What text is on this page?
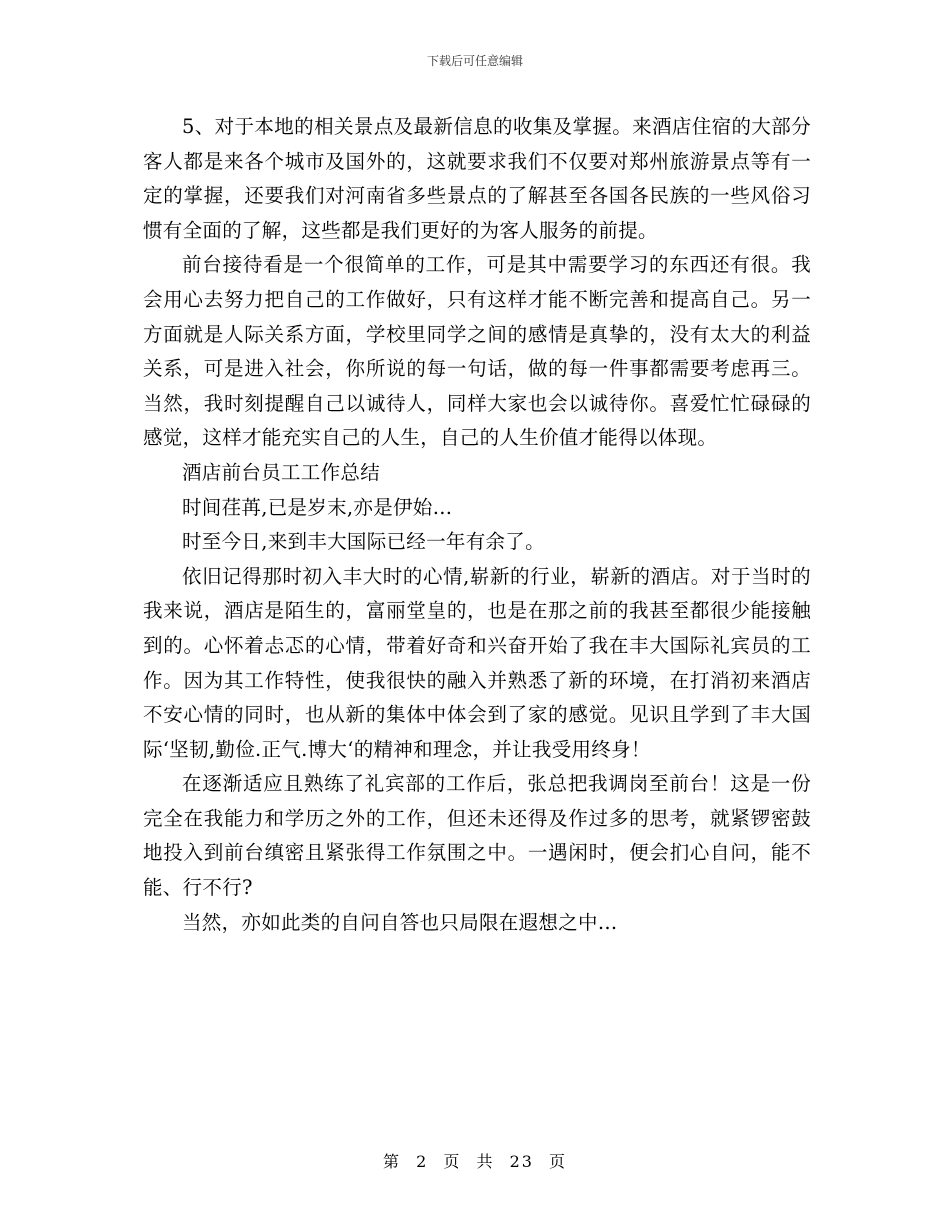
下载后可任意编辑

5、对于本地的相关景点及最新信息的收集及掌握。来酒店住宿的大部分客人都是来各个城市及国外的，这就要求我们不仅要对郑州旅游景点等有一定的掌握，还要我们对河南省多些景点的了解甚至各国各民族的一些风俗习惯有全面的了解，这些都是我们更好的为客人服务的前提。

前台接待看是一个很简单的工作，可是其中需要学习的东西还有很。我会用心去努力把自己的工作做好，只有这样才能不断完善和提高自己。另一方面就是人际关系方面，学校里同学之间的感情是真挚的，没有太大的利益关系，可是进入社会，你所说的每一句话，做的每一件事都需要考虑再三。当然，我时刻提醒自己以诚待人，同样大家也会以诚待你。喜爱忙忙碌碌的感觉，这样才能充实自己的人生，自己的人生价值才能得以体现。

酒店前台员工工作总结

时间荏苒,已是岁末,亦是伊始…

时至今日,来到丰大国际已经一年有余了。

依旧记得那时初入丰大时的心情,崭新的行业，崭新的酒店。对于当时的我来说，酒店是陌生的，富丽堂皇的，也是在那之前的我甚至都很少能接触到的。心怀着忐忑的心情，带着好奇和兴奋开始了我在丰大国际礼宾员的工作。因为其工作特性，使我很快的融入并熟悉了新的环境，在打消初来酒店不安心情的同时，也从新的集体中体会到了家的感觉。见识且学到了丰大国际‘坚韧,勤俭.正气.博大‘的精神和理念，并让我受用终身！

在逐渐适应且熟练了礼宾部的工作后，张总把我调岗至前台！这是一份完全在我能力和学历之外的工作，但还未还得及作过多的思考，就紧锣密鼓地投入到前台缜密且紧张得工作氛围之中。一遇闲时，便会扪心自问，能不能、行不行?

当然，亦如此类的自问自答也只局限在遐想之中…

第 2 页 共 23 页
